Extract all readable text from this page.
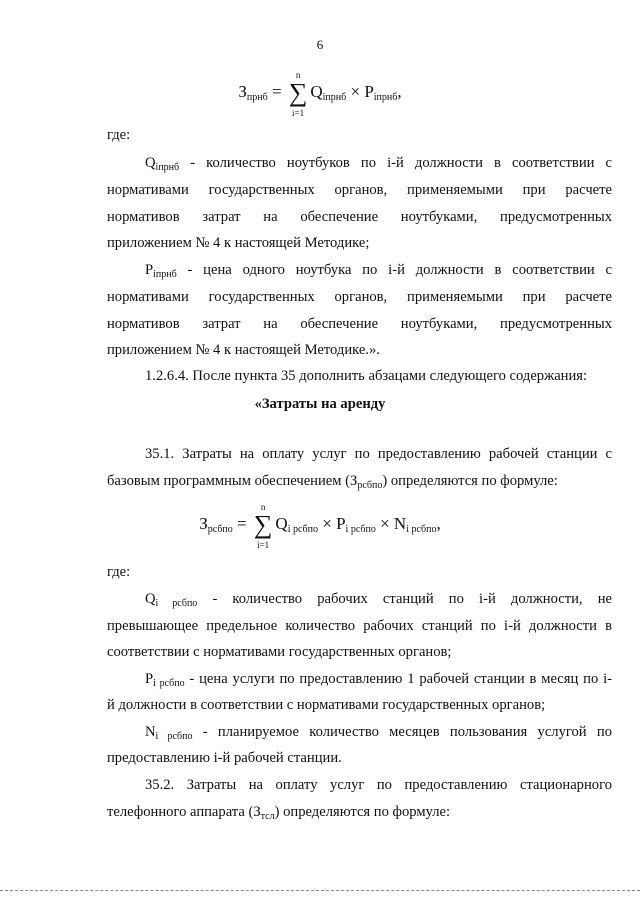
6
$З_{прнб}$ =
n
∑
i=1
$Q_{iпрнб} \times P_{iпрнб}$,

где:

$Q_{iпрнб}$ - количество ноутбуков по i-й должности в соответствии с

нормативами государственных органов, применяемыми при расчете

нормативов затрат на обеспечение ноутбуками, предусмотренных

приложением № 4 к настоящей Методике;

$P_{iпрнб}$ - цена одного ноутбука по i-й должности в соответствии с

нормативами государственных органов, применяемыми при расчете

нормативов затрат на обеспечение ноутбуками, предусмотренных

приложением № 4 к настоящей Методике.».

1.2.6.4. После пункта 35 дополнить абзацами следующего содержания:

«Затраты на аренду

35.1. Затраты на оплату услуг по предоставлению рабочей станции с

базовым программным обеспечением $(З_{рсбпо})$ определяются по формуле:

$З_{рсбпо}$ =
n
∑
i=1
$Q_{i рсбпо} \times P_{i рсбпо} \times N_{i рсбпо}$,

где:

$Q_{i рсбпо}$ - количество рабочих станций по i-й должности, не

превышающее предельное количество рабочих станций по i-й должности в

соответствии с нормативами государственных органов;

$P_{i рсбпо}$ - цена услуги по предоставлению 1 рабочей станции в месяц по i-

й должности в соответствии с нормативами государственных органов;

$N_{i рсбпо}$ - планируемое количество месяцев пользования услугой по

предоставлению i-й рабочей станции.

35.2. Затраты на оплату услуг по предоставлению стационарного

телефонного аппарата $(З_{тсл})$ определяются по формуле:
